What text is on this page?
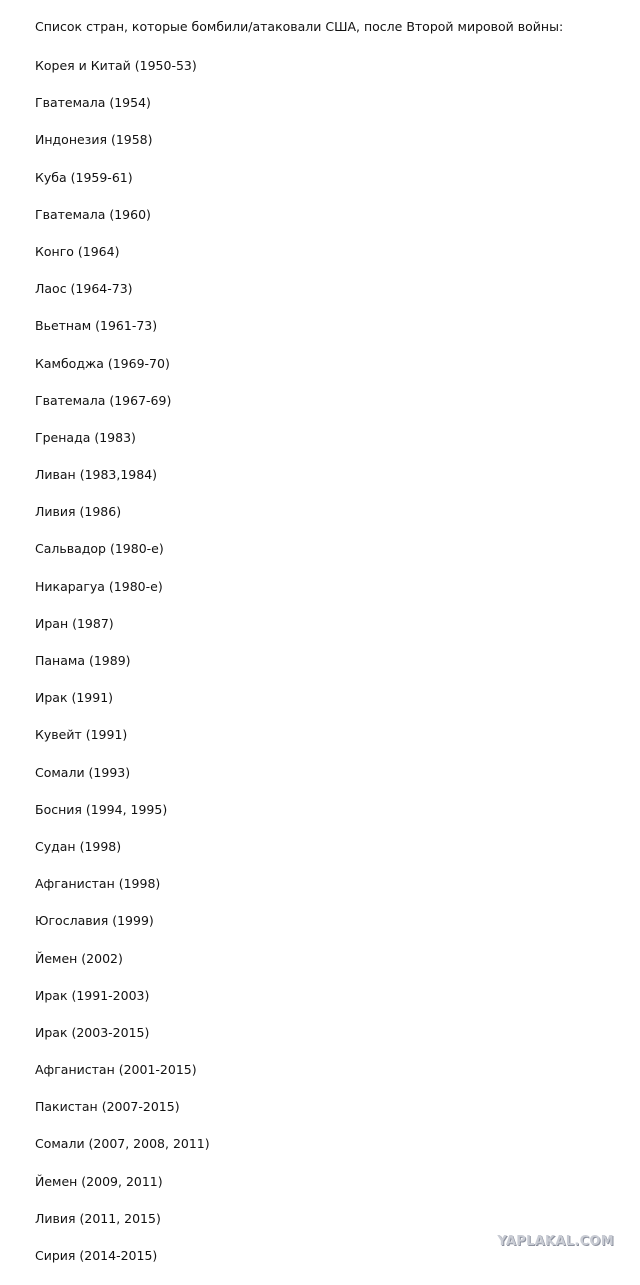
Список стран, которые бомбили/атаковали США, после Второй мировой войны:

Корея и Китай (1950-53)
Гватемала (1954)
Индонезия (1958)
Куба (1959-61)
Гватемала (1960)
Конго (1964)
Лаос (1964-73)
Вьетнам (1961-73)
Камбоджа (1969-70)
Гватемала (1967-69)
Гренада (1983)
Ливан (1983,1984)
Ливия (1986)
Сальвадор (1980-е)
Никарагуа (1980-е)
Иран (1987)
Панама (1989)
Ирак (1991)
Кувейт (1991)
Сомали (1993)
Босния (1994, 1995)
Судан (1998)
Афганистан (1998)
Югославия (1999)
Йемен (2002)
Ирак (1991-2003)
Ирак (2003-2015)
Афганистан (2001-2015)
Пакистан (2007-2015)
Сомали (2007, 2008, 2011)
Йемен (2009, 2011)
Ливия (2011, 2015)
Сирия (2014-2015)
YAPLAKAL.COM
